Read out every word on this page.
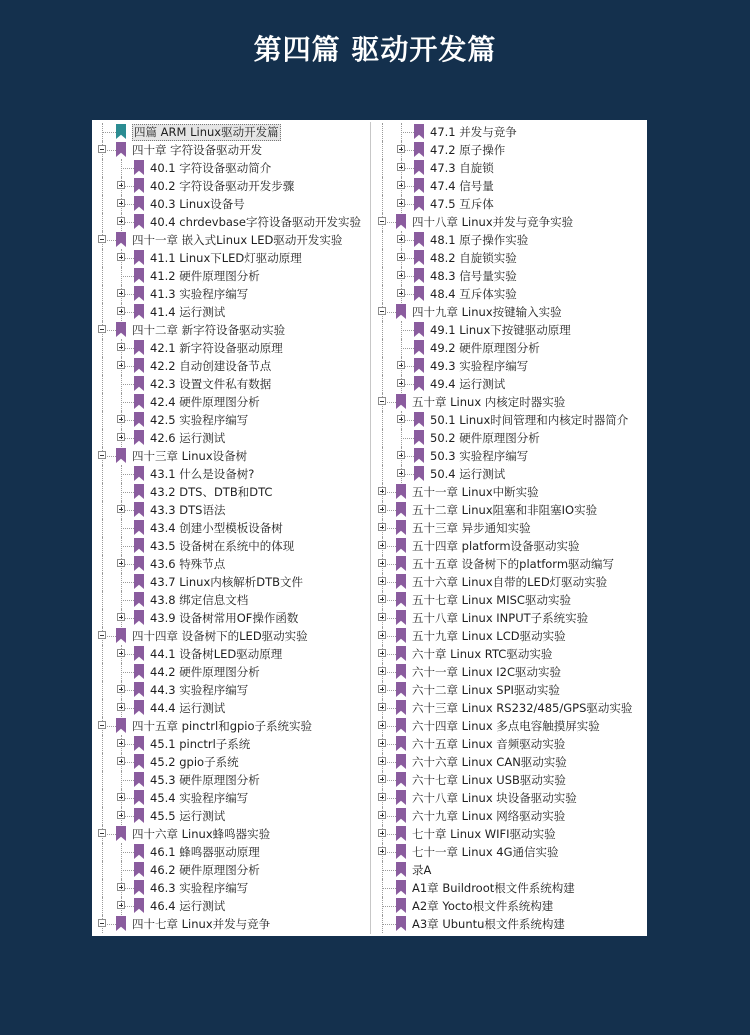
第四篇 驱动开发篇
四篇 ARM Linux驱动开发篇
四十章 字符设备驱动开发
40.1 字符设备驱动简介
40.2 字符设备驱动开发步骤
40.3 Linux设备号
40.4 chrdevbase字符设备驱动开发实验
四十一章 嵌入式Linux LED驱动开发实验
41.1 Linux下LED灯驱动原理
41.2 硬件原理图分析
41.3 实验程序编写
41.4 运行测试
四十二章 新字符设备驱动实验
42.1 新字符设备驱动原理
42.2 自动创建设备节点
42.3 设置文件私有数据
42.4 硬件原理图分析
42.5 实验程序编写
42.6 运行测试
四十三章 Linux设备树
43.1 什么是设备树?
43.2 DTS、DTB和DTC
43.3 DTS语法
43.4 创建小型模板设备树
43.5 设备树在系统中的体现
43.6 特殊节点
43.7 Linux内核解析DTB文件
43.8 绑定信息文档
43.9 设备树常用OF操作函数
四十四章 设备树下的LED驱动实验
44.1 设备树LED驱动原理
44.2 硬件原理图分析
44.3 实验程序编写
44.4 运行测试
四十五章 pinctrl和gpio子系统实验
45.1 pinctrl子系统
45.2 gpio子系统
45.3 硬件原理图分析
45.4 实验程序编写
45.5 运行测试
四十六章 Linux蜂鸣器实验
46.1 蜂鸣器驱动原理
46.2 硬件原理图分析
46.3 实验程序编写
46.4 运行测试
四十七章 Linux并发与竞争
47.1 并发与竞争
47.2 原子操作
47.3 自旋锁
47.4 信号量
47.5 互斥体
四十八章 Linux并发与竞争实验
48.1 原子操作实验
48.2 自旋锁实验
48.3 信号量实验
48.4 互斥体实验
四十九章 Linux按键输入实验
49.1 Linux下按键驱动原理
49.2 硬件原理图分析
49.3 实验程序编写
49.4 运行测试
五十章 Linux 内核定时器实验
50.1 Linux时间管理和内核定时器简介
50.2 硬件原理图分析
50.3 实验程序编写
50.4 运行测试
五十一章 Linux中断实验
五十二章 Linux阻塞和非阻塞IO实验
五十三章 异步通知实验
五十四章 platform设备驱动实验
五十五章 设备树下的platform驱动编写
五十六章 Linux自带的LED灯驱动实验
五十七章 Linux MISC驱动实验
五十八章 Linux INPUT子系统实验
五十九章 Linux LCD驱动实验
六十章 Linux RTC驱动实验
六十一章 Linux I2C驱动实验
六十二章 Linux SPI驱动实验
六十三章 Linux RS232/485/GPS驱动实验
六十四章 Linux 多点电容触摸屏实验
六十五章 Linux 音频驱动实验
六十六章 Linux CAN驱动实验
六十七章 Linux USB驱动实验
六十八章 Linux 块设备驱动实验
六十九章 Linux 网络驱动实验
七十章 Linux WIFI驱动实验
七十一章 Linux 4G通信实验
录A
A1章 Buildroot根文件系统构建
A2章 Yocto根文件系统构建
A3章 Ubuntu根文件系统构建
